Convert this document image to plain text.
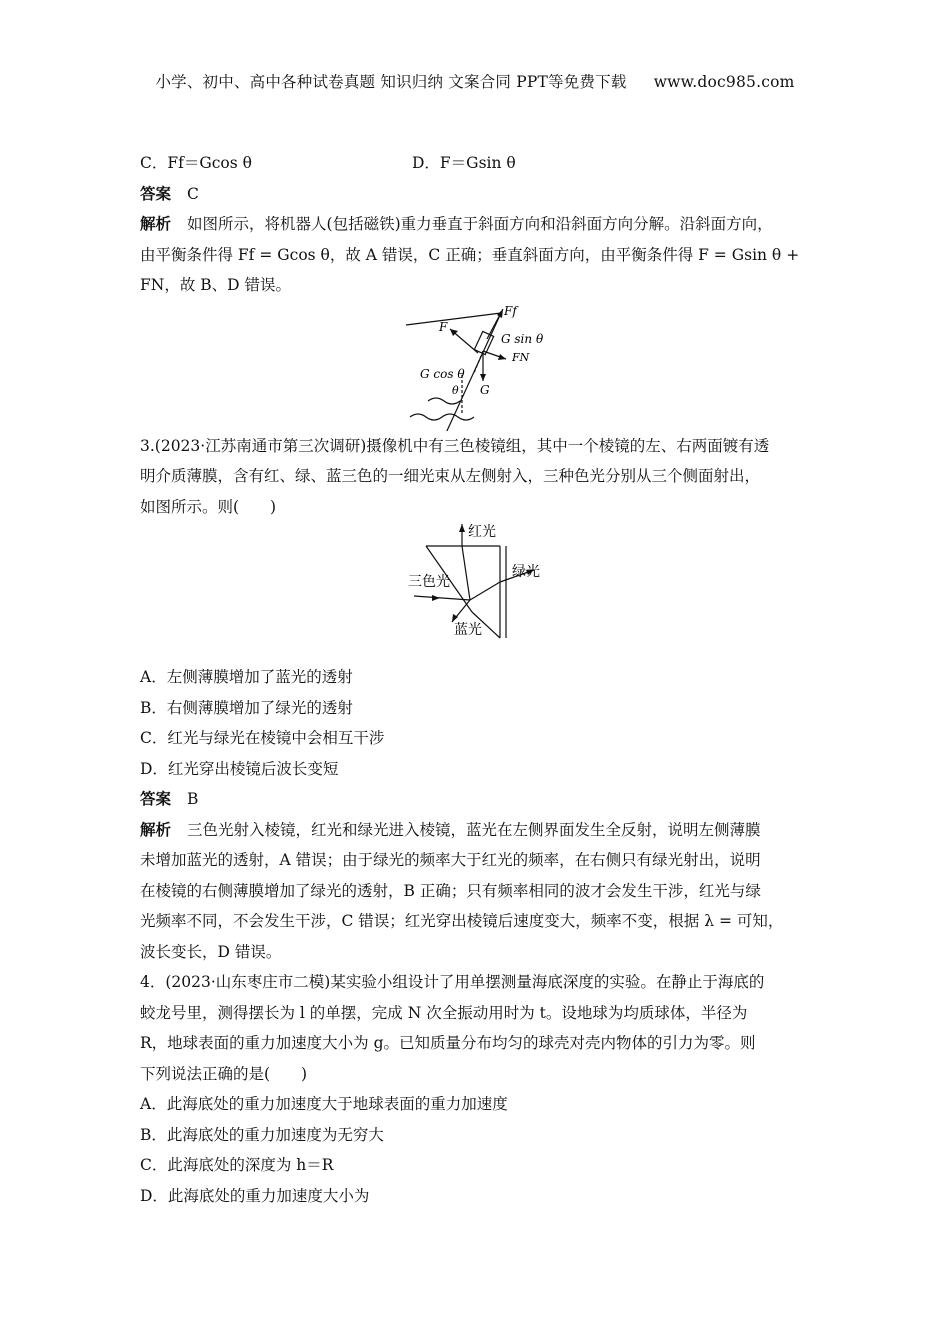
小学、初中、高中各种试卷真题 知识归纳 文案合同 PPT等免费下载 www.doc985.com
C．Ff＝Gcos θ	D．F＝Gsin θ
答案 C
解析 如图所示，将机器人(包括磁铁)重力垂直于斜面方向和沿斜面方向分解。沿斜面方向，
由平衡条件得 Ff = Gcos θ，故 A 错误，C 正确；垂直斜面方向，由平衡条件得 F = Gsin θ +
FN，故 B、D 错误。
Ff
F
G sin θ
FN
G cos θ
θ G
3.(2023·江苏南通市第三次调研)摄像机中有三色棱镜组，其中一个棱镜的左、右两面镀有透
明介质薄膜，含有红、绿、蓝三色的一细光束从左侧射入，三种色光分别从三个侧面射出，
如图所示。则(　　)
红光
绿光
三色光
蓝光
A．左侧薄膜增加了蓝光的透射
B．右侧薄膜增加了绿光的透射
C．红光与绿光在棱镜中会相互干涉
D．红光穿出棱镜后波长变短
答案 B
解析 三色光射入棱镜，红光和绿光进入棱镜，蓝光在左侧界面发生全反射，说明左侧薄膜
未增加蓝光的透射，A 错误；由于绿光的频率大于红光的频率，在右侧只有绿光射出，说明
在棱镜的右侧薄膜增加了绿光的透射，B 正确；只有频率相同的波才会发生干涉，红光与绿
光频率不同，不会发生干涉，C 错误；红光穿出棱镜后速度变大，频率不变，根据 λ = 可知，
波长变长，D 错误。
4．(2023·山东枣庄市二模)某实验小组设计了用单摆测量海底深度的实验。在静止于海底的
蛟龙号里，测得摆长为 l 的单摆，完成 N 次全振动用时为 t。设地球为均质球体，半径为
R，地球表面的重力加速度大小为 g。已知质量分布均匀的球壳对壳内物体的引力为零。则
下列说法正确的是(　　)
A．此海底处的重力加速度大于地球表面的重力加速度
B．此海底处的重力加速度为无穷大
C．此海底处的深度为 h＝R
D．此海底处的重力加速度大小为
